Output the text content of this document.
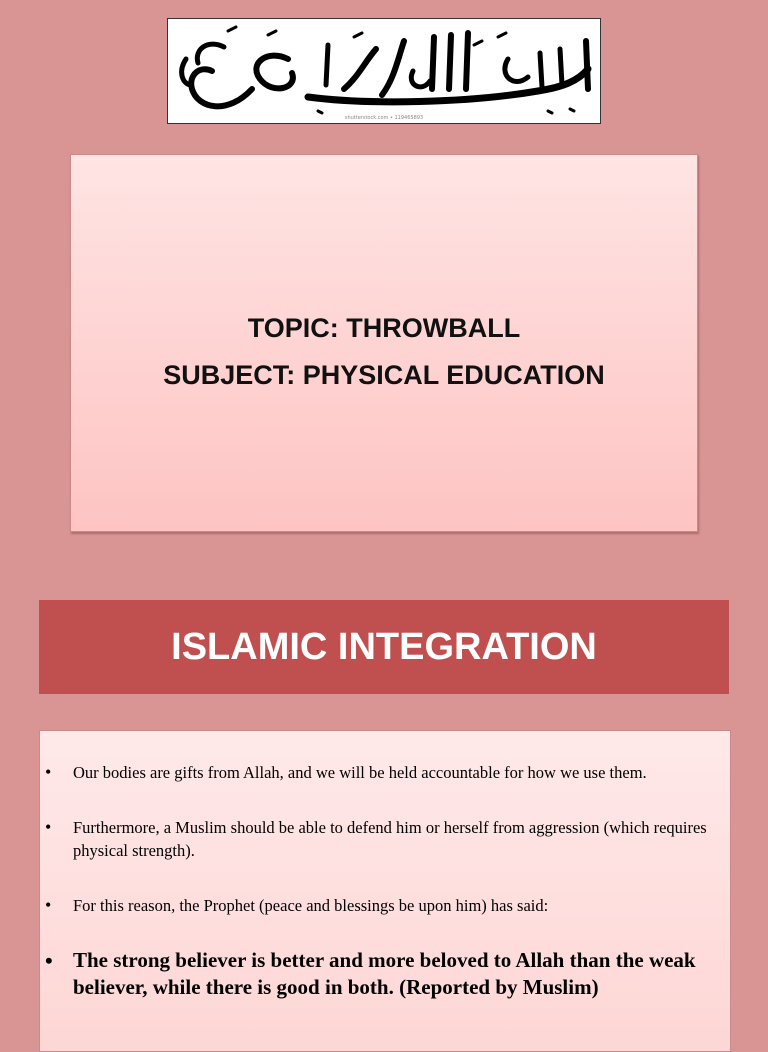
shutterstock.com • 119465893
TOPIC: THROWBALL
SUBJECT: PHYSICAL EDUCATION
ISLAMIC INTEGRATION
• Our bodies are gifts from Allah, and we will be held accountable for how we use them.
• Furthermore, a Muslim should be able to defend him or herself from aggression (which requires physical strength).
• For this reason, the Prophet (peace and blessings be upon him) has said:
• The strong believer is better and more beloved to Allah than the weak believer, while there is good in both. (Reported by Muslim)
